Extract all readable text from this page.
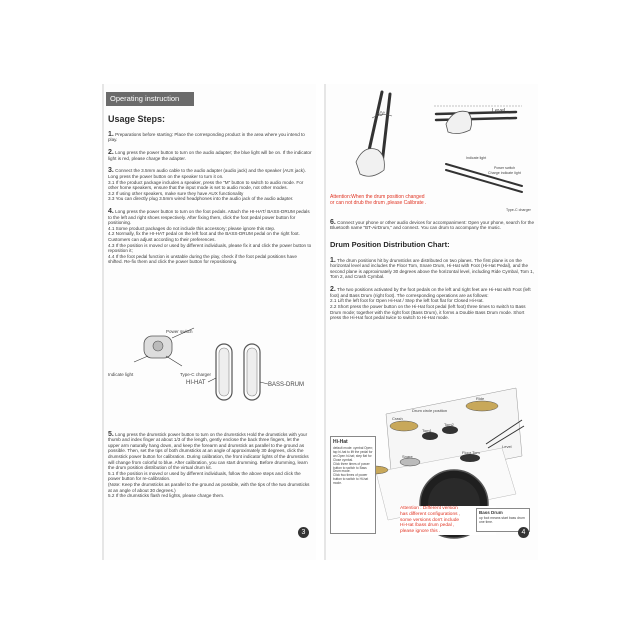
Operating instruction
Usage Steps:

1. Preparations before starting: Place the corresponding product in the area where you intend to play.

2. Long press the power button to turn on the audio adapter; the blue light will be on. If the indicator light is red, please charge the adapter.

3. Connect the 3.5mm audio cable to the audio adapter (audio jack) and the speaker (AUX jack). Long press the power button on the speaker to turn it on.
3.1 If the product package includes a speaker, press the "M" button to switch to audio mode. For other home speakers, ensure that the input mode is set to audio mode, not other modes.
3.2 If using other speakers, make sure they have AUX functionality
3.3 You can directly plug 3.5mm wired headphones into the audio jack of the audio adapter.

4. Long press the power button to turn on the foot pedals. Attach the HI-HAT/ BASS-DRUM pedals to the left and right shoes respectively. After fixing them, click the foot pedal power button for positioning.
4.1 Some product packages do not include this accessory; please ignore this step.
4.2 Normally, fix the HI-HAT pedal on the left foot and the BASS-DRUM pedal on the right foot. Customers can adjust according to their preferences.
4.3 If the position is moved or used by different individuals, please fix it and click the power button to reposition it;
4.4 If the foot pedal function is unstable during the play, check if the foot pedal positions have shifted. Re-fix them and click the power button for repositioning.

Power switch
Indicate light	Type-C charger
HI-HAT	BASS-DRUM

5. Long press the drumstick power button to turn on the drumsticks Hold the drumsticks with your thumb and index finger at about 1/3 of the length, gently enclose the back three fingers, let the upper arm naturally hang down, and keep the forearm and drumstick as parallel to the ground as possible. Then, set the tips of both drumsticks at an angle of approximately 30 degrees, click the drumstick power button for calibration. During calibration, the front indicator lights of the drumsticks will change from colorful to blue. After calibration, you can start drumming. Before drumming, learn the drum position distribution of the virtual drum kit.
5.1 If the position is moved or used by different individuals, follow the above steps and click the power button for re-calibration.
(Note: Keep the drumsticks as parallel to the ground as possible, with the tips of the two drumsticks at an angle of about 30 degrees.)
5.2 If the drumsticks flash red lights, please charge them.

3
30°
Level
Indicate light
Power switch
Charge indicate light
Type-C charger
Attention:When the drum position changed
or can not drub the drum ,please Calibrate .

6. Connect your phone or other audio devices for accompaniment: Open your phone, search for the Bluetooth name "BT-AirDrum," and connect. You can drum to accompany the music.

Drum Position Distribution Chart:

1. The drum positions hit by drumsticks are distributed on two planes. The first plane is on the horizontal level and includes the Floor Tom, Snare Drum, Hi-Hat with Foot (Hi-Hat Pedal), and the second plane is approximately 30 degrees above the horizontal level, including Ride Cymbal, Tom 1, Tom 2, and Crash Cymbal.

2. The two positions activated by the foot pedals on the left and right feet are Hi-Hat with Foot (left foot) and Bass Drum (right foot). The corresponding operations are as follows:
2.1 Lift the left foot for Open Hi-Hat / Step the left foot flat for Closed Hi-Hat.
2.2 Short press the power button on the Hi-Hat foot pedal (left foot) three times to switch to Bass Drum mode; together with the right foot (Bass Drum), it forms a Double Bass Drum mode. Short press the Hi-Hat foot pedal twice to switch to Hi-Hat mode.

Crash
Ride
Tom1
Tom2
Snare
Floor Tom
Drum circle position
Level
Hi-Hat
default mode: cymbal Open; tap hi-hat to lift the pedal for an Open hi-hat; step flat for Close cymbal.
Click three times of power button to switch to Bass Drum mode.
Click two times of power button to switch to Hi-hat mode.
Attention : Different version
has different configurations ,
some versions don't include
Hi-Hat /bass drum pedal ,
please ignore this .
Bass Drum
up foot means start bass drum one time.
4
